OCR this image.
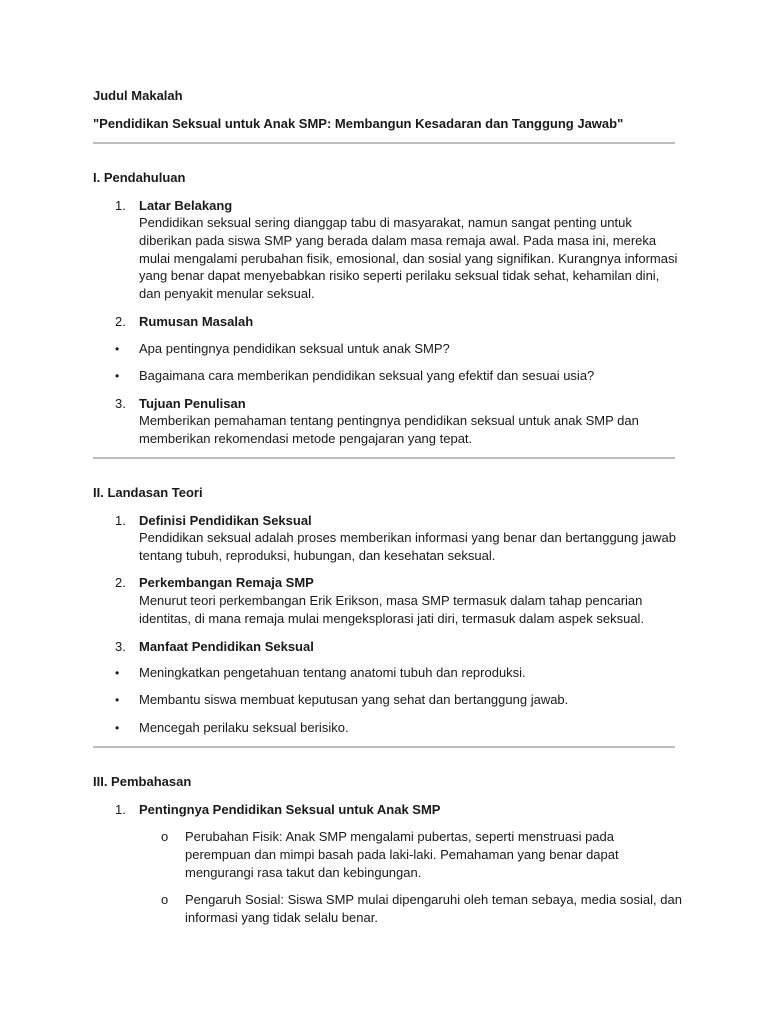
Judul Makalah
"Pendidikan Seksual untuk Anak SMP: Membangun Kesadaran dan Tanggung Jawab"
I. Pendahuluan
1.	Latar Belakang
Pendidikan seksual sering dianggap tabu di masyarakat, namun sangat penting untuk
diberikan pada siswa SMP yang berada dalam masa remaja awal. Pada masa ini, mereka
mulai mengalami perubahan fisik, emosional, dan sosial yang signifikan. Kurangnya informasi
yang benar dapat menyebabkan risiko seperti perilaku seksual tidak sehat, kehamilan dini,
dan penyakit menular seksual.
2.	Rumusan Masalah
• Apa pentingnya pendidikan seksual untuk anak SMP?
• Bagaimana cara memberikan pendidikan seksual yang efektif dan sesuai usia?
3.	Tujuan Penulisan
Memberikan pemahaman tentang pentingnya pendidikan seksual untuk anak SMP dan
memberikan rekomendasi metode pengajaran yang tepat.
II. Landasan Teori
1.	Definisi Pendidikan Seksual
Pendidikan seksual adalah proses memberikan informasi yang benar dan bertanggung jawab
tentang tubuh, reproduksi, hubungan, dan kesehatan seksual.
2.	Perkembangan Remaja SMP
Menurut teori perkembangan Erik Erikson, masa SMP termasuk dalam tahap pencarian
identitas, di mana remaja mulai mengeksplorasi jati diri, termasuk dalam aspek seksual.
3.	Manfaat Pendidikan Seksual
• Meningkatkan pengetahuan tentang anatomi tubuh dan reproduksi.
• Membantu siswa membuat keputusan yang sehat dan bertanggung jawab.
• Mencegah perilaku seksual berisiko.
III. Pembahasan
1.	Pentingnya Pendidikan Seksual untuk Anak SMP
o Perubahan Fisik: Anak SMP mengalami pubertas, seperti menstruasi pada
perempuan dan mimpi basah pada laki-laki. Pemahaman yang benar dapat
mengurangi rasa takut dan kebingungan.
o Pengaruh Sosial: Siswa SMP mulai dipengaruhi oleh teman sebaya, media sosial, dan
informasi yang tidak selalu benar.
